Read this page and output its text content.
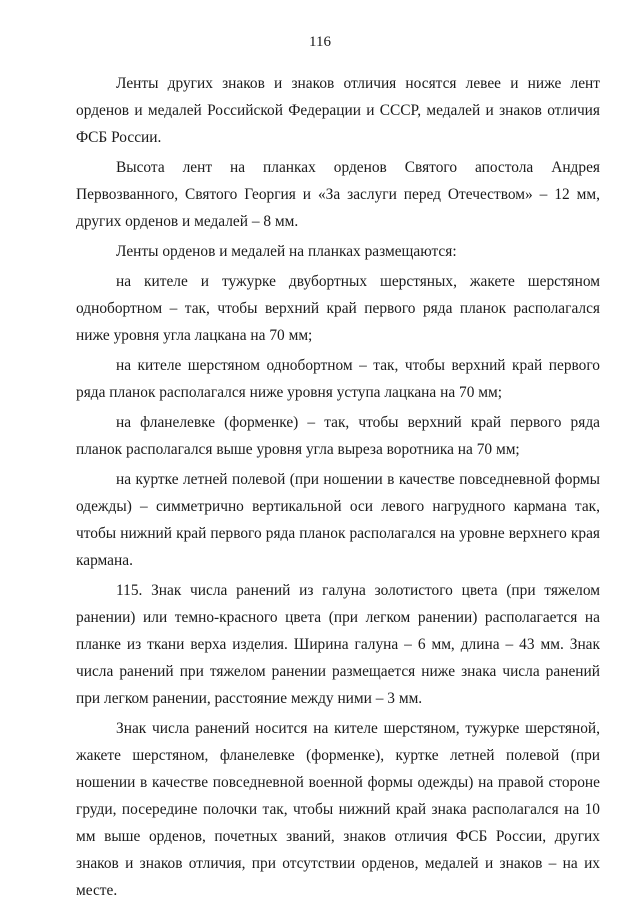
116

Ленты других знаков и знаков отличия носятся левее и ниже лент орденов и медалей Российской Федерации и СССР, медалей и знаков отличия ФСБ России.

Высота лент на планках орденов Святого апостола Андрея Первозванного, Святого Георгия и «За заслуги перед Отечеством» – 12 мм, других орденов и медалей – 8 мм.

Ленты орденов и медалей на планках размещаются:

на кителе и тужурке двубортных шерстяных, жакете шерстяном однобортном – так, чтобы верхний край первого ряда планок располагался ниже уровня угла лацкана на 70 мм;

на кителе шерстяном однобортном – так, чтобы верхний край первого ряда планок располагался ниже уровня уступа лацкана на 70 мм;

на фланелевке (форменке) – так, чтобы верхний край первого ряда планок располагался выше уровня угла выреза воротника на 70 мм;

на куртке летней полевой (при ношении в качестве повседневной формы одежды) – симметрично вертикальной оси левого нагрудного кармана так, чтобы нижний край первого ряда планок располагался на уровне верхнего края кармана.

115. Знак числа ранений из галуна золотистого цвета (при тяжелом ранении) или темно-красного цвета (при легком ранении) располагается на планке из ткани верха изделия. Ширина галуна – 6 мм, длина – 43 мм. Знак числа ранений при тяжелом ранении размещается ниже знака числа ранений при легком ранении, расстояние между ними – 3 мм.

Знак числа ранений носится на кителе шерстяном, тужурке шерстяной, жакете шерстяном, фланелевке (форменке), куртке летней полевой (при ношении в качестве повседневной военной формы одежды) на правой стороне груди, посередине полочки так, чтобы нижний край знака располагался на 10 мм выше орденов, почетных званий, знаков отличия ФСБ России, других знаков и знаков отличия, при отсутствии орденов, медалей и знаков – на их месте.
